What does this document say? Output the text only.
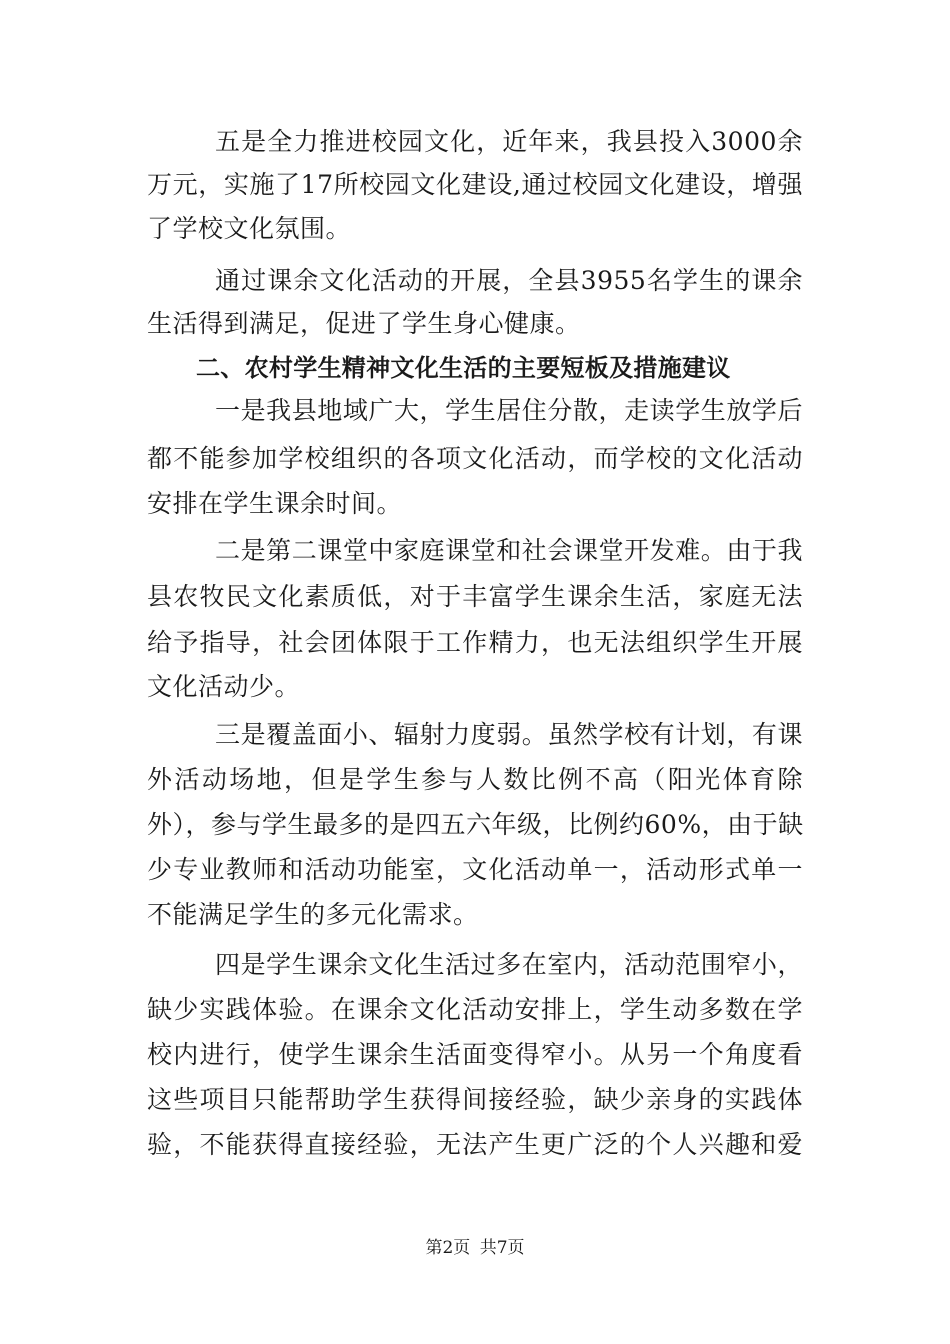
五是全力推进校园文化，近年来，我县投入3000余
万元，实施了17所校园文化建设,通过校园文化建设，增强
了学校文化氛围。
通过课余文化活动的开展，全县3955名学生的课余
生活得到满足，促进了学生身心健康。
二、农村学生精神文化生活的主要短板及措施建议
一是我县地域广大，学生居住分散，走读学生放学后
都不能参加学校组织的各项文化活动，而学校的文化活动
安排在学生课余时间。
二是第二课堂中家庭课堂和社会课堂开发难。由于我
县农牧民文化素质低，对于丰富学生课余生活，家庭无法
给予指导，社会团体限于工作精力，也无法组织学生开展
文化活动少。
三是覆盖面小、辐射力度弱。虽然学校有计划，有课
外活动场地，但是学生参与人数比例不高（阳光体育除
外），参与学生最多的是四五六年级，比例约60%，由于缺
少专业教师和活动功能室，文化活动单一，活动形式单一
不能满足学生的多元化需求。
四是学生课余文化生活过多在室内，活动范围窄小，
缺少实践体验。在课余文化活动安排上，学生动多数在学
校内进行，使学生课余生活面变得窄小。从另一个角度看
这些项目只能帮助学生获得间接经验，缺少亲身的实践体
验，不能获得直接经验，无法产生更广泛的个人兴趣和爱
第2页 共7页
